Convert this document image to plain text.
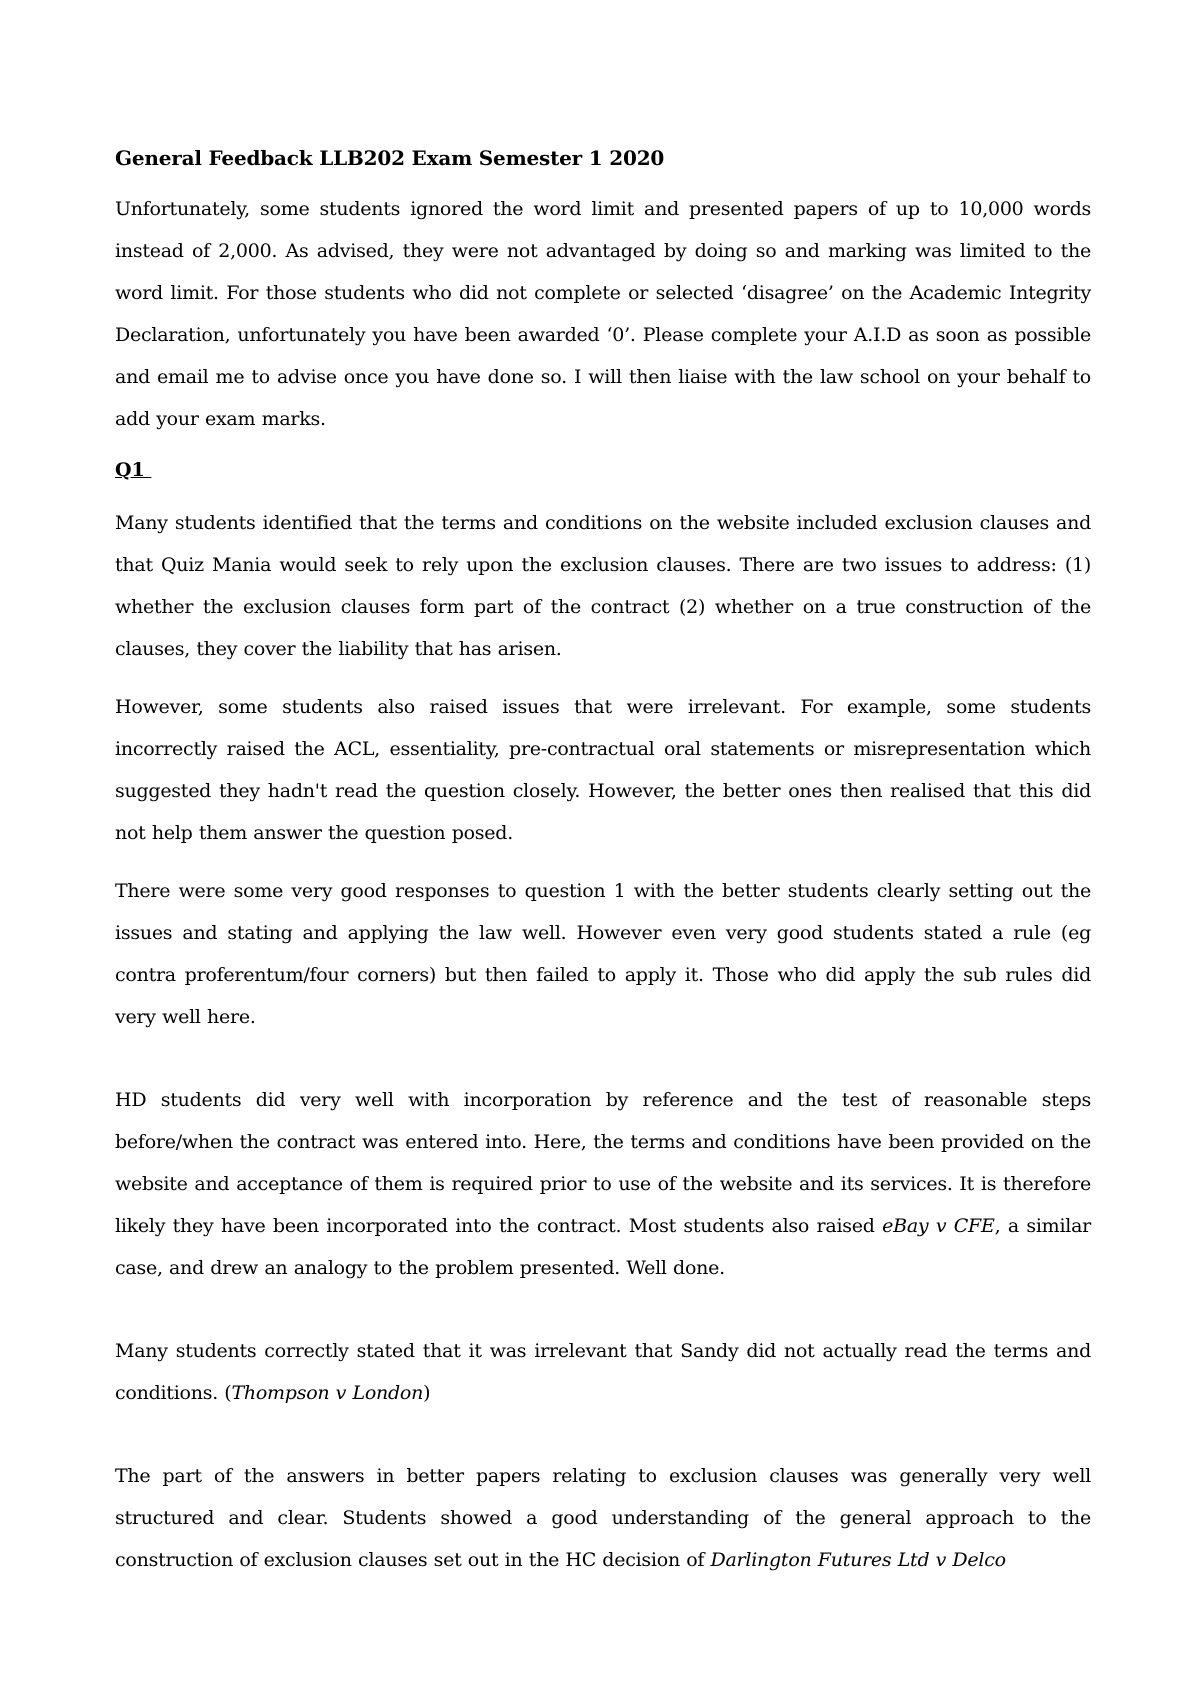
General Feedback LLB202 Exam Semester 1 2020

Unfortunately, some students ignored the word limit and presented papers of up to 10,000 words instead of 2,000. As advised, they were not advantaged by doing so and marking was limited to the word limit. For those students who did not complete or selected ‘disagree’ on the Academic Integrity Declaration, unfortunately you have been awarded ‘0’. Please complete your A.I.D as soon as possible and email me to advise once you have done so. I will then liaise with the law school on your behalf to add your exam marks.

Q1

Many students identified that the terms and conditions on the website included exclusion clauses and that Quiz Mania would seek to rely upon the exclusion clauses. There are two issues to address: (1) whether the exclusion clauses form part of the contract (2) whether on a true construction of the clauses, they cover the liability that has arisen.

However, some students also raised issues that were irrelevant. For example, some students incorrectly raised the ACL, essentiality, pre-contractual oral statements or misrepresentation which suggested they hadn't read the question closely. However, the better ones then realised that this did not help them answer the question posed.

There were some very good responses to question 1 with the better students clearly setting out the issues and stating and applying the law well. However even very good students stated a rule (eg contra proferentum/four corners) but then failed to apply it. Those who did apply the sub rules did very well here.

HD students did very well with incorporation by reference and the test of reasonable steps before/when the contract was entered into. Here, the terms and conditions have been provided on the website and acceptance of them is required prior to use of the website and its services. It is therefore likely they have been incorporated into the contract. Most students also raised eBay v CFE, a similar case, and drew an analogy to the problem presented. Well done.

Many students correctly stated that it was irrelevant that Sandy did not actually read the terms and conditions. (Thompson v London)

The part of the answers in better papers relating to exclusion clauses was generally very well structured and clear. Students showed a good understanding of the general approach to the construction of exclusion clauses set out in the HC decision of Darlington Futures Ltd v Delco
